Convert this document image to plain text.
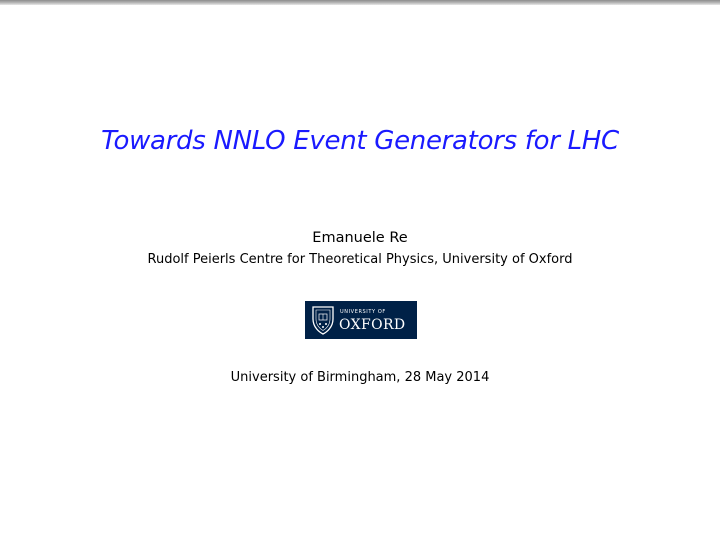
Towards NNLO Event Generators for LHC
Emanuele Re
Rudolf Peierls Centre for Theoretical Physics, University of Oxford
UNIVERSITY OF
OXFORD
University of Birmingham, 28 May 2014
